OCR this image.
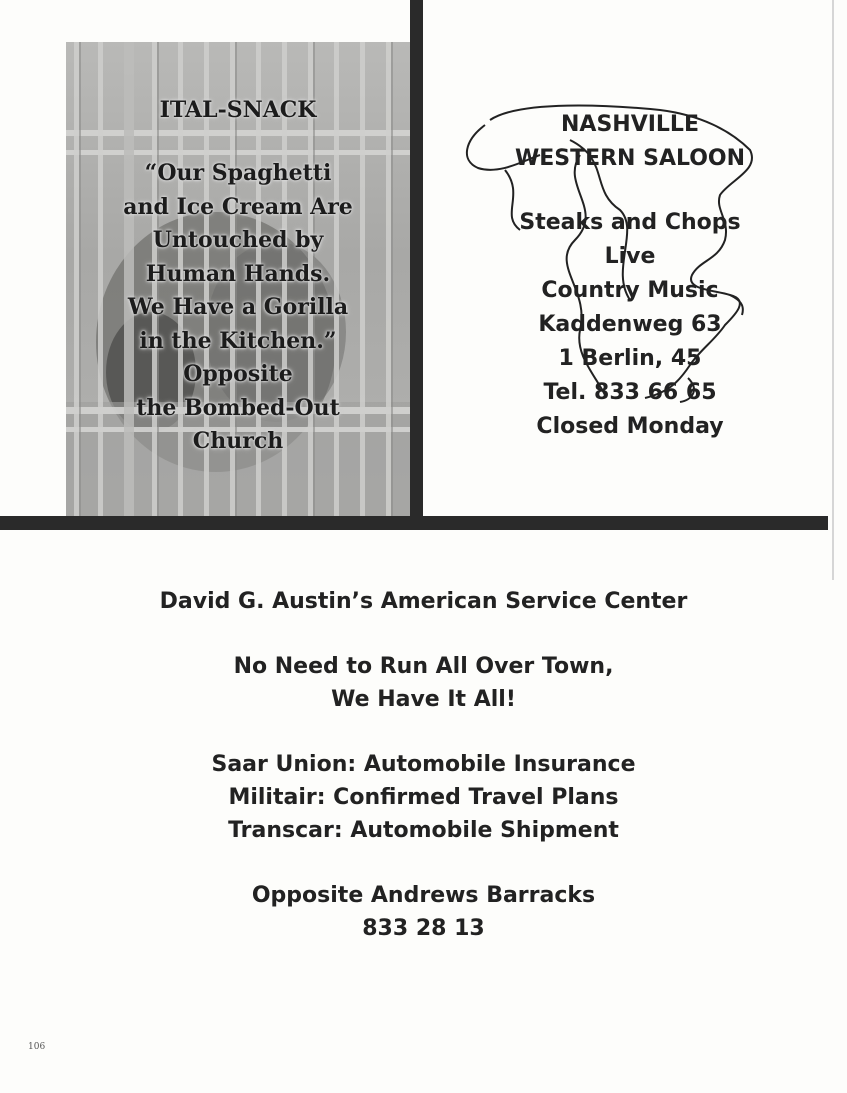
ITAL-SNACK
“Our Spaghetti
and Ice Cream Are
Untouched by
Human Hands.
We Have a Gorilla
in the Kitchen.”
Opposite
the Bombed-Out
Church
NASHVILLE
WESTERN SALOON
Steaks and Chops
Live
Country Music
Kaddenweg 63
1 Berlin, 45
Tel. 833 66 65
Closed Monday
David G. Austin’s American Service Center
No Need to Run All Over Town,
We Have It All!
Saar Union: Automobile Insurance
Militair: Confirmed Travel Plans
Transcar: Automobile Shipment
Opposite Andrews Barracks
833 28 13
106
